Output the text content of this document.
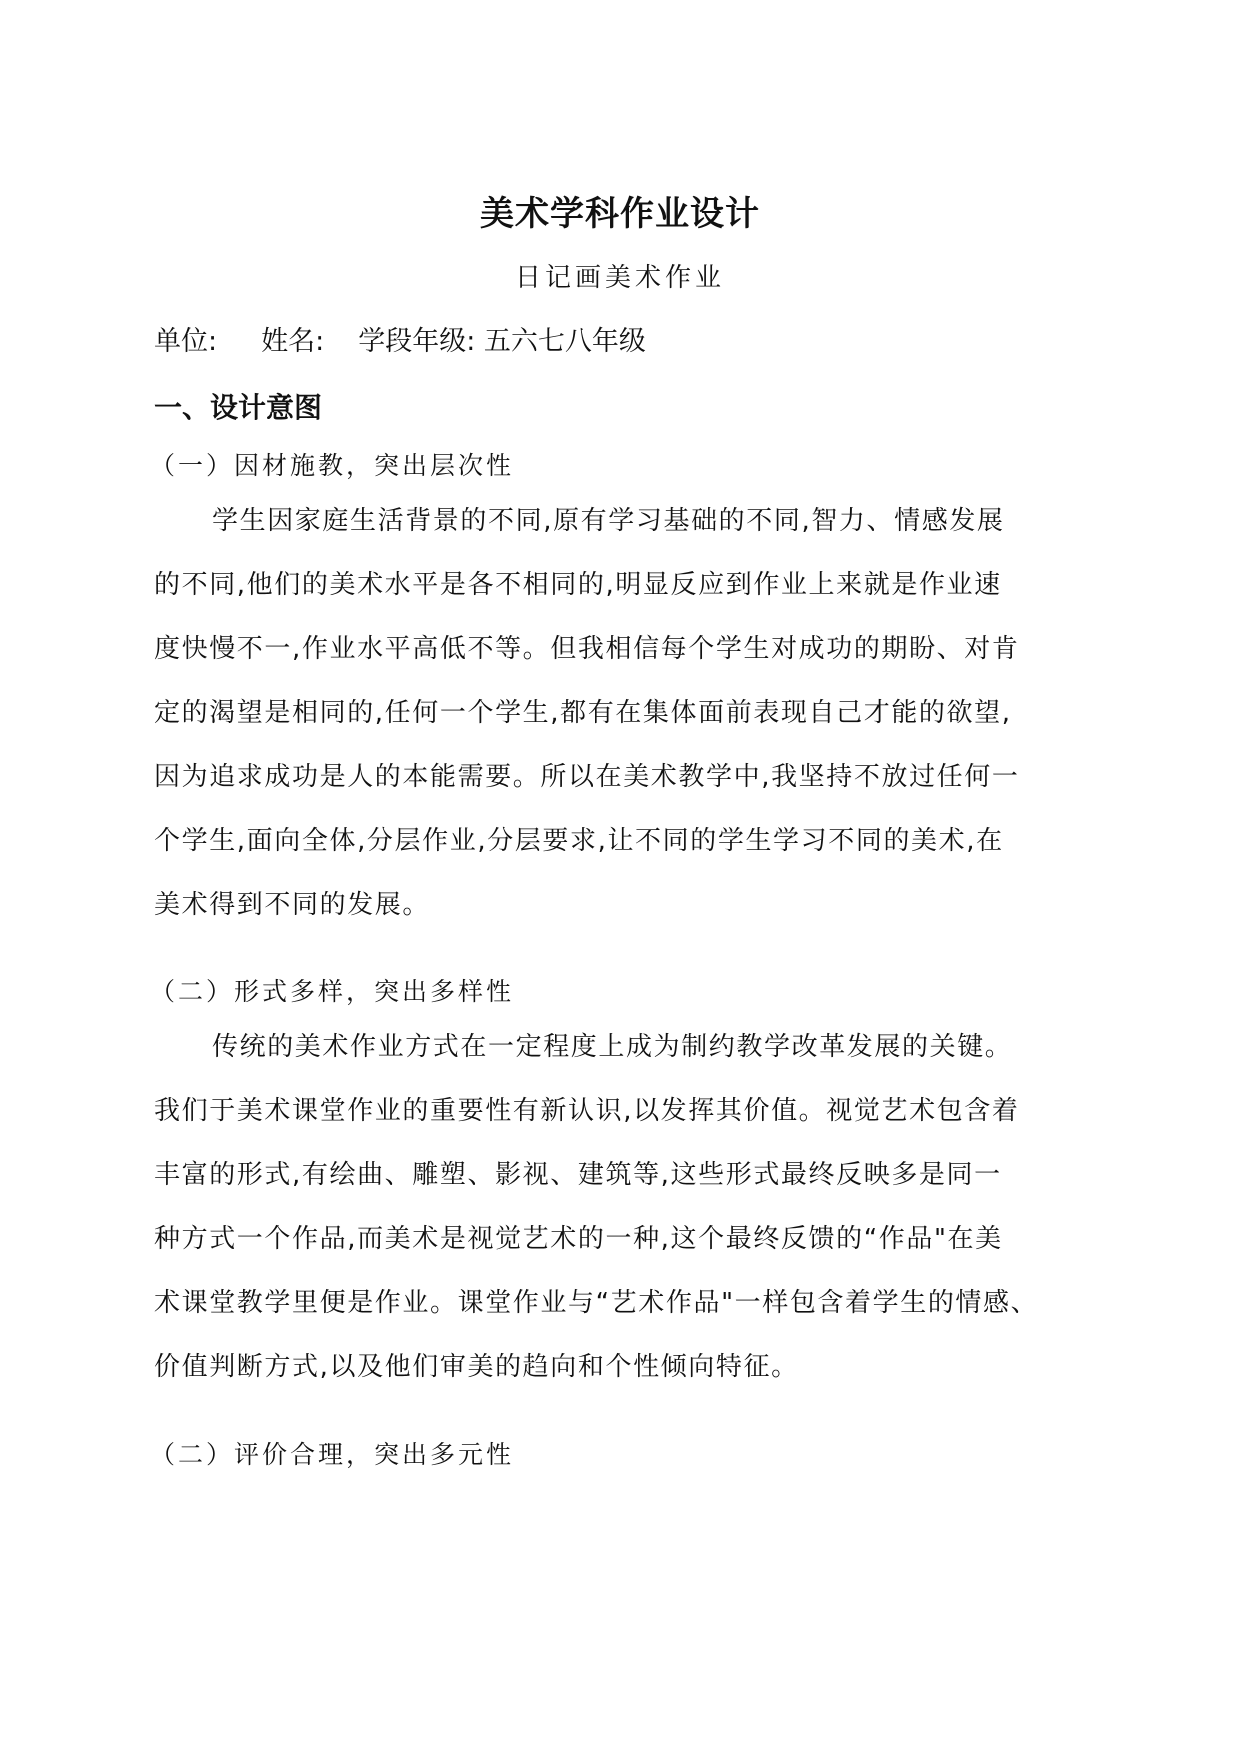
美术学科作业设计
日记画美术作业
单位: 姓名: 学段年级: 五六七八年级
一、设计意图
（一）因材施教，突出层次性
学生因家庭生活背景的不同,原有学习基础的不同,智力、情感发展
的不同,他们的美术水平是各不相同的,明显反应到作业上来就是作业速
度快慢不一,作业水平高低不等。但我相信每个学生对成功的期盼、对肯
定的渴望是相同的,任何一个学生,都有在集体面前表现自己才能的欲望,
因为追求成功是人的本能需要。所以在美术教学中,我坚持不放过任何一
个学生,面向全体,分层作业,分层要求,让不同的学生学习不同的美术,在
美术得到不同的发展。
（二）形式多样，突出多样性
传统的美术作业方式在一定程度上成为制约教学改革发展的关键。
我们于美术课堂作业的重要性有新认识,以发挥其价值。视觉艺术包含着
丰富的形式,有绘曲、雕塑、影视、建筑等,这些形式最终反映多是同一
种方式一个作品,而美术是视觉艺术的一种,这个最终反馈的“作品"在美
术课堂教学里便是作业。课堂作业与“艺术作品"一样包含着学生的情感、
价值判断方式,以及他们审美的趋向和个性倾向特征。
（二）评价合理，突出多元性
